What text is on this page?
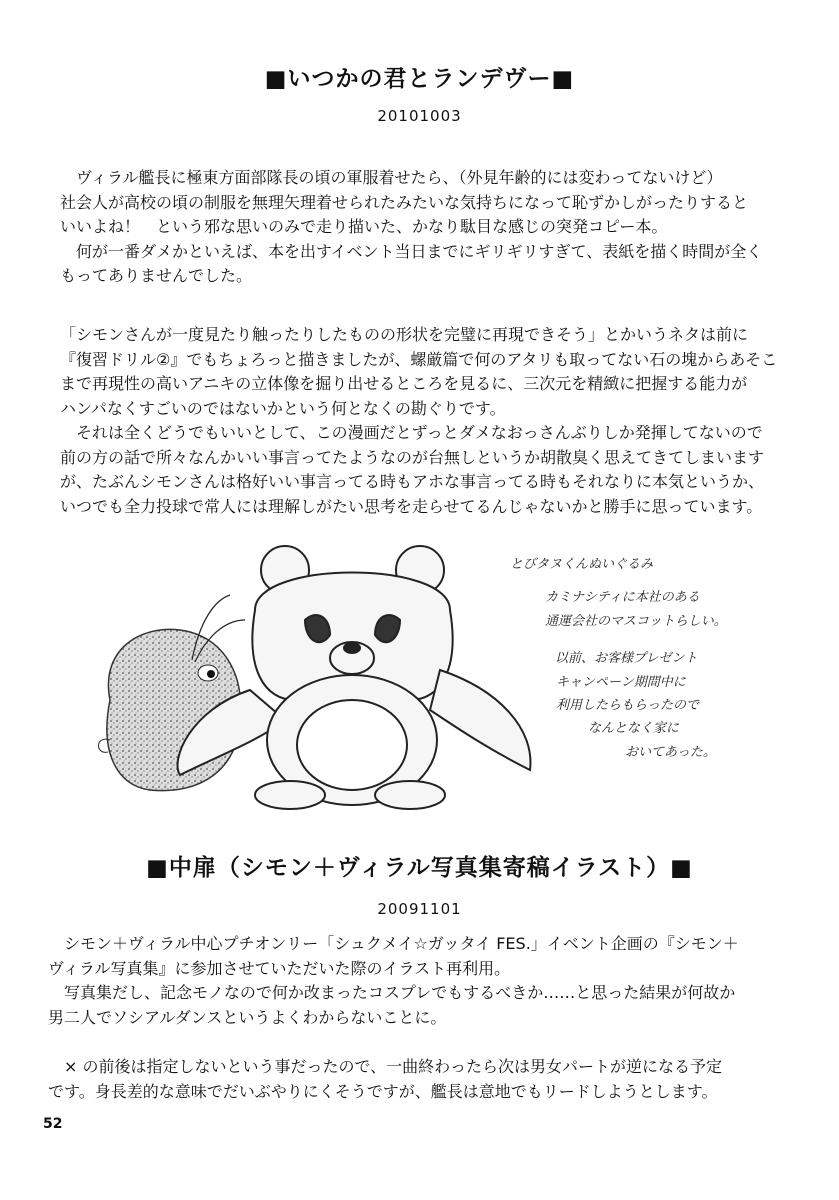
■いつかの君とランデヴー■
20101003
　ヴィラル艦長に極東方面部隊長の頃の軍服着せたら、（外見年齢的には変わってないけど）
社会人が高校の頃の制服を無理矢理着せられたみたいな気持ちになって恥ずかしがったりすると
いいよね！　という邪な思いのみで走り描いた、かなり駄目な感じの突発コピー本。
　何が一番ダメかといえば、本を出すイベント当日までにギリギリすぎて、表紙を描く時間が全く
もってありませんでした。
「シモンさんが一度見たり触ったりしたものの形状を完璧に再現できそう」とかいうネタは前に
『復習ドリル②』でもちょろっと描きましたが、螺厳篇で何のアタリも取ってない石の塊からあそこ
まで再現性の高いアニキの立体像を掘り出せるところを見るに、三次元を精緻に把握する能力が
ハンパなくすごいのではないかという何となくの勘ぐりです。
　それは全くどうでもいいとして、この漫画だとずっとダメなおっさんぶりしか発揮してないので
前の方の話で所々なんかいい事言ってたようなのが台無しというか胡散臭く思えてきてしまいます
が、たぶんシモンさんは格好いい事言ってる時もアホな事言ってる時もそれなりに本気というか、
いつでも全力投球で常人には理解しがたい思考を走らせてるんじゃないかと勝手に思っています。
とびタヌくんぬいぐるみ
カミナシティに本社のある
通運会社のマスコットらしい。
以前、お客様プレゼント
キャンペーン期間中に
利用したらもらったので
なんとなく家に
おいてあった。
■中扉（シモン＋ヴィラル写真集寄稿イラスト）■
20091101
　シモン＋ヴィラル中心プチオンリー「シュクメイ☆ガッタイ FES.」イベント企画の『シモン＋
ヴィラル写真集』に参加させていただいた際のイラスト再利用。
　写真集だし、記念モノなので何か改まったコスプレでもするべきか……と思った結果が何故か
男二人でソシアルダンスというよくわからないことに。
　× の前後は指定しないという事だったので、一曲終わったら次は男女パートが逆になる予定
です。身長差的な意味でだいぶやりにくそうですが、艦長は意地でもリードしようとします。
52
